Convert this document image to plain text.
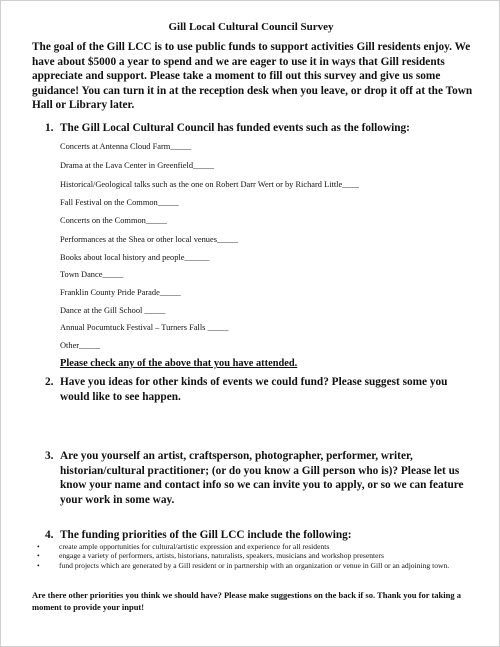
Gill Local Cultural Council Survey
The goal of the Gill LCC is to use public funds to support activities Gill residents enjoy. We have about $5000 a year to spend and we are eager to use it in ways that Gill residents appreciate and support. Please take a moment to fill out this survey and give us some guidance! You can turn it in at the reception desk when you leave, or drop it off at the Town Hall or Library later.
1. The Gill Local Cultural Council has funded events such as the following:
Concerts at Antenna Cloud Farm_____
Drama at the Lava Center in Greenfield_____
Historical/Geological talks such as the one on Robert Darr Wert or by Richard Little____
Fall Festival on the Common_____
Concerts on the Common_____
Performances at the Shea or other local venues_____
Books about local history and people______
Town Dance_____
Franklin County Pride Parade_____
Dance at the Gill School _____
Annual Pocumtuck Festival – Turners Falls _____
Other_____
Please check any of the above that you have attended.
2. Have you ideas for other kinds of events we could fund? Please suggest some you would like to see happen.
3. Are you yourself an artist, craftsperson, photographer, performer, writer, historian/cultural practitioner; (or do you know a Gill person who is)? Please let us know your name and contact info so we can invite you to apply, or so we can feature your work in some way.
4. The funding priorities of the Gill LCC include the following:
•	create ample opportunities for cultural/artistic expression and experience for all residents
•	engage a variety of performers, artists, historians, naturalists, speakers, musicians and workshop presenters
•	fund projects which are generated by a Gill resident or in partnership with an organization or venue in Gill or an adjoining town.
Are there other priorities you think we should have? Please make suggestions on the back if so. Thank you for taking a moment to provide your input!
